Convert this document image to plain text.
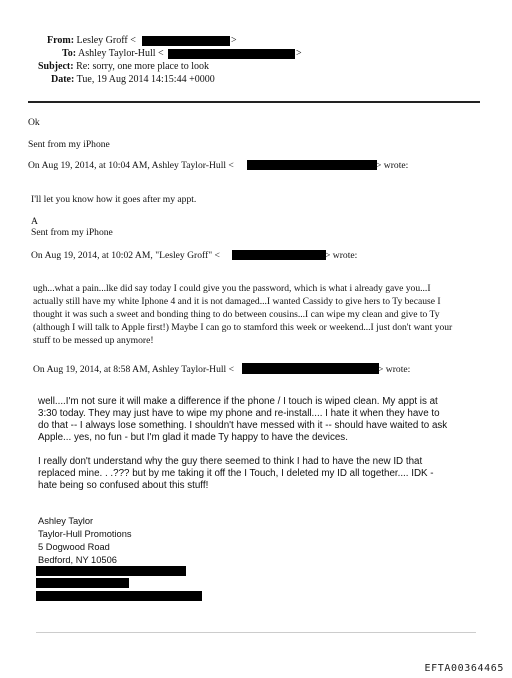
From: Lesley Groff <	>
To: Ashley Taylor-Hull <	>
Subject: Re: sorry, one more place to look
Date: Tue, 19 Aug 2014 14:15:44 +0000
Ok
Sent from my iPhone
On Aug 19, 2014, at 10:04 AM, Ashley Taylor-Hull <	> wrote:
I'll let you know how it goes after my appt.
A
Sent from my iPhone
On Aug 19, 2014, at 10:02 AM, "Lesley Groff" <	> wrote:
ugh...what a pain...lke did say today I could give you the password, which is what i already gave you...I
actually still have my white Iphone 4 and it is not damaged...I wanted Cassidy to give hers to Ty because I
thought it was such a sweet and bonding thing to do between cousins...I can wipe my clean and give to Ty
(although I will talk to Apple first!) Maybe I can go to stamford this week or weekend...I just don't want your
stuff to be messed up anymore!
On Aug 19, 2014, at 8:58 AM, Ashley Taylor-Hull <	> wrote:
well....I'm not sure it will make a difference if the phone / I touch is wiped clean. My appt is at
3:30 today. They may just have to wipe my phone and re-install.... I hate it when they have to
do that -- I always lose something. I shouldn't have messed with it -- should have waited to ask
Apple... yes, no fun - but I'm glad it made Ty happy to have the devices.
I really don't understand why the guy there seemed to think I had to have the new ID that
replaced mine. . .??? but by me taking it off the I Touch, I deleted my ID all together.... IDK -
hate being so confused about this stuff!
Ashley Taylor
Taylor-Hull Promotions
5 Dogwood Road
Bedford, NY 10506
EFTA00364465
